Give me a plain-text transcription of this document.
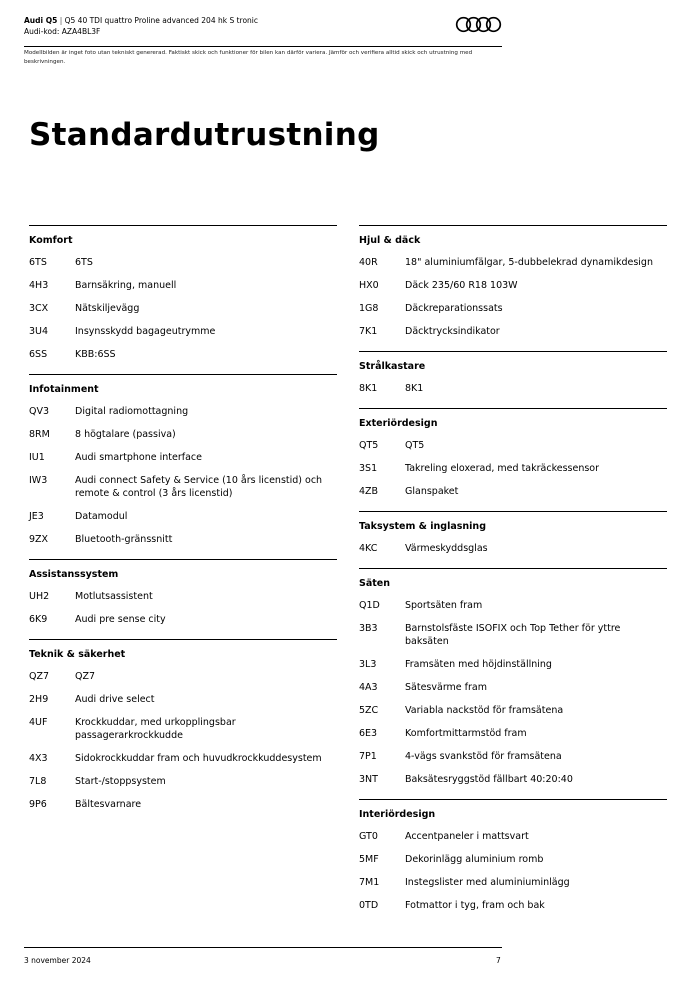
Audi Q5 | Q5 40 TDI quattro Proline advanced 204 hk S tronic
Audi-kod: AZA4BL3F
Modellbilden är inget foto utan tekniskt genererad. Faktiskt skick och funktioner för bilen kan därför variera. Jämför och verifiera alltid skick och utrustning med beskrivningen.
Standardutrustning
Komfort
6TS	6TS
4H3	Barnsäkring, manuell
3CX	Nätskiljevägg
3U4	Insynsskydd bagageutrymme
6SS	KBB:6SS
Infotainment
QV3	Digital radiomottagning
8RM	8 högtalare (passiva)
IU1	Audi smartphone interface
IW3	Audi connect Safety & Service (10 års licenstid) och remote & control (3 års licenstid)
JE3	Datamodul
9ZX	Bluetooth-gränssnitt
Assistanssystem
UH2	Motlutsassistent
6K9	Audi pre sense city
Teknik & säkerhet
QZ7	QZ7
2H9	Audi drive select
4UF	Krockkuddar, med urkopplingsbar passagerarkrockkudde
4X3	Sidokrockkuddar fram och huvudkrockkuddesystem
7L8	Start-/stoppsystem
9P6	Bältesvarnare
Hjul & däck
40R	18" aluminiumfälgar, 5-dubbelekrad dynamikdesign
HX0	Däck 235/60 R18 103W
1G8	Däckreparationssats
7K1	Däcktrycksindikator
Strålkastare
8K1	8K1
Exteriördesign
QT5	QT5
3S1	Takreling eloxerad, med takräckessensor
4ZB	Glanspaket
Taksystem & inglasning
4KC	Värmeskyddsglas
Säten
Q1D	Sportsäten fram
3B3	Barnstolsfäste ISOFIX och Top Tether för yttre baksäten
3L3	Framsäten med höjdinställning
4A3	Sätesvärme fram
5ZC	Variabla nackstöd för framsätena
6E3	Komfortmittarmstöd fram
7P1	4-vägs svankstöd för framsätena
3NT	Baksätesryggstöd fällbart 40:20:40
Interiördesign
GT0	Accentpaneler i mattsvart
5MF	Dekorinlägg aluminium romb
7M1	Instegslister med aluminiuminlägg
0TD	Fotmattor i tyg, fram och bak
3 november 2024	7
